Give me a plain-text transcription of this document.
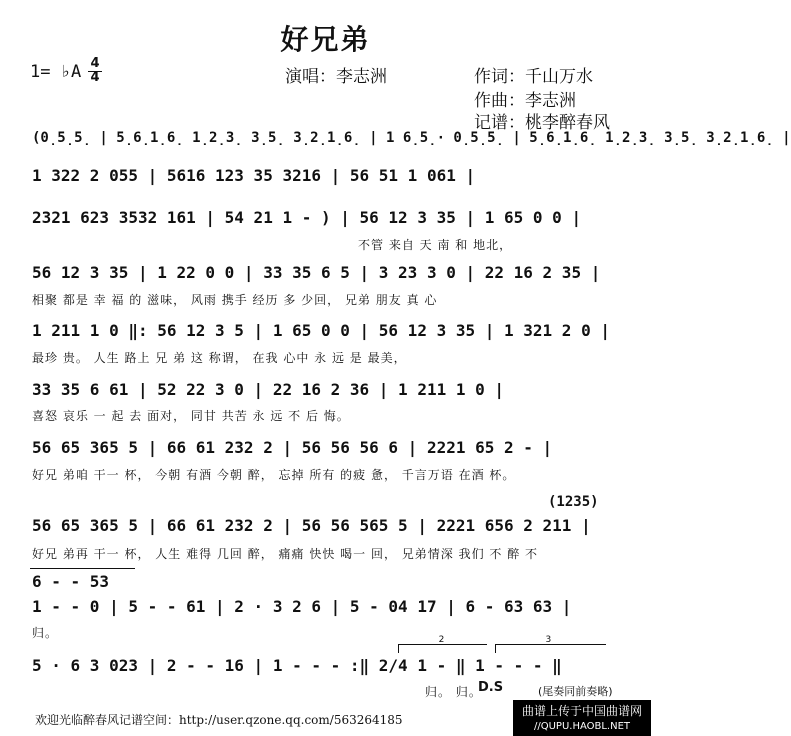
好兄弟
1= ♭A 4
4	演唱：李志洲	作词：千山万水
作曲：李志洲
记谱：桃李醉春风
(0̣5̣5̣ | 5̣6̣1̣6̣ 1̣2̣3̣ 3̣5̣ 3̣2̣1̣6̣ | 1 6̣5̣· 0̣5̣5̣ | 5̣6̣1̣6̣ 1̣2̣3̣ 3̣5̣ 3̣2̣1̣6̣ |
1 322 2 055 | 5616 123 35 3216 | 56 51 1 061 |
2321 623 3532 161 | 54 21 1 - ) | 56 12 3 35 | 1 65 0 0 |
不管 来自 天 南 和 地北，
56 12 3 35 | 1 22 0 0 | 33 35 6 5 | 3 23 3 0 | 22 16 2 35 |
相聚 都是 幸 福 的 滋味， 风雨 携手 经历 多 少回， 兄弟 朋友 真 心
1 211 1 0 ‖: 56 12 3 5 | 1 65 0 0 | 56 12 3 35 | 1 321 2 0 |
最珍 贵。 人生 路上 兄 弟 这 称谓， 在我 心中 永 远 是 最美，
33 35 6 61 | 52 22 3 0 | 22 16 2 36 | 1 211 1 0 |
喜怒 哀乐 一 起 去 面对， 同甘 共苦 永 远 不 后 悔。
56 65 365 5 | 66 61 232 2 | 56 56 56 6 | 2221 65 2 - |
好兄 弟咱 干一 杯， 今朝 有酒 今朝 醉， 忘掉 所有 的疲 惫， 千言万语 在酒 杯。
(1235)
56 65 365 5 | 66 61 232 2 | 56 56 565 5 | 2221 656 2 211 |
好兄 弟再 干一 杯， 人生 难得 几回 醉， 痛痛 快快 喝一 回， 兄弟情深 我们 不 醉 不
6 - - 53
1 - - 0 | 5 - - 61 | 2 · 3 2 6 | 5 - 04 17 | 6 - 63 63 |
归。	2	3
5 · 6 3 023 | 2 - - 16 | 1 - - - :‖ 2/4 1 - ‖ 1 - - - ‖
归。 归。
D.S	(尾奏同前奏略)
欢迎光临醉春风记谱空间：http://user.qzone.qq.com/563264185
曲谱上传于中国曲谱网
//QUPU.HAOBL.NET
